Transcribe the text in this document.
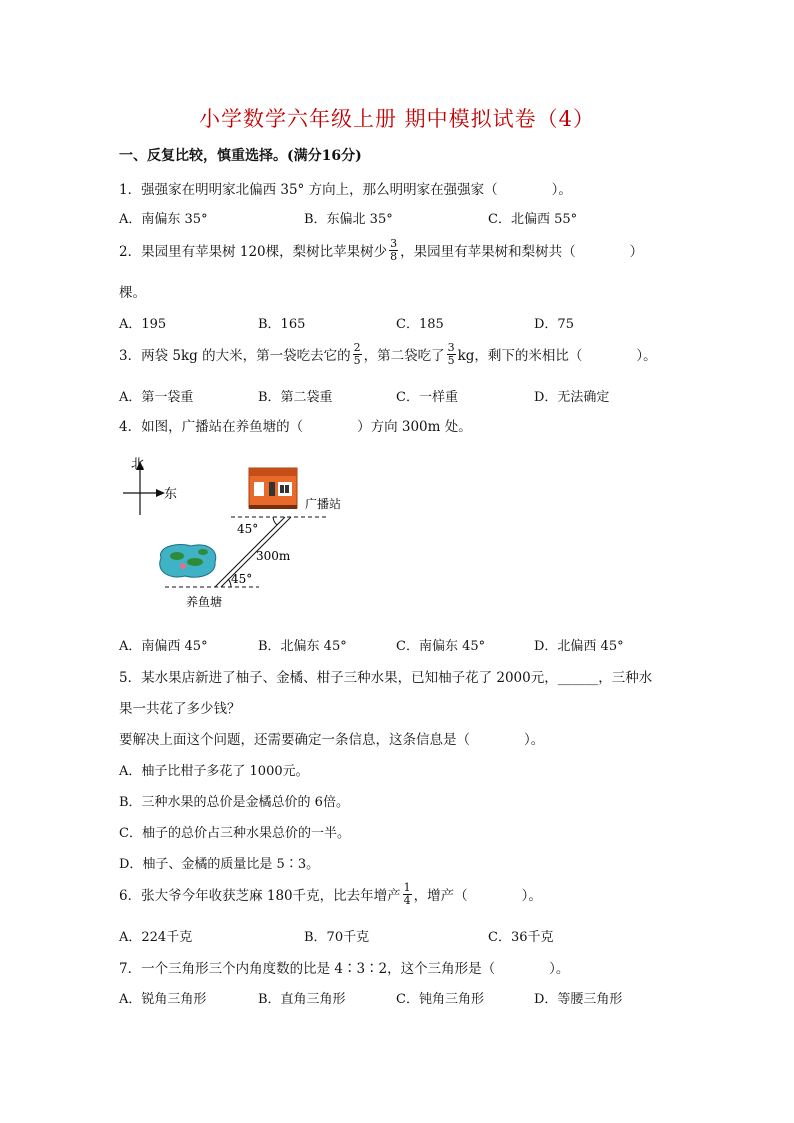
小学数学六年级上册 期中模拟试卷（4）
一、反复比较，慎重选择。(满分16分)
1．强强家在明明家北偏西 35° 方向上，那么明明家在强强家（　　　　）。
A．南偏东 35°	B．东偏北 35°	C．北偏西 55°
2．果园里有苹果树 120棵，梨树比苹果树少 $\frac{3}{8}$ ，果园里有苹果树和梨树共（　　　　）
棵。
A．195	B．165	C．185	D．75
3．两袋 5kg 的大米，第一袋吃去它的 $\frac{2}{5}$ ，第二袋吃了 $\frac{3}{5}$ kg，剩下的米相比（　　　　）。
A．第一袋重	B．第二袋重	C．一样重	D．无法确定
4．如图，广播站在养鱼塘的（　　　　）方向 300m 处。
北
东
广播站
45°
45°
300m
养鱼塘
A．南偏西 45°	B．北偏东 45°	C．南偏东 45°	D．北偏西 45°
5．某水果店新进了柚子、金橘、柑子三种水果，已知柚子花了 2000元，______，三种水
果一共花了多少钱？
要解决上面这个问题，还需要确定一条信息，这条信息是（　　　　）。
A．柚子比柑子多花了 1000元。
B．三种水果的总价是金橘总价的 6倍。
C．柚子的总价占三种水果总价的一半。
D．柚子、金橘的质量比是 5∶3。
6．张大爷今年收获芝麻 180千克，比去年增产 $\frac{1}{4}$ ，增产（　　　　）。
A．224千克	B．70千克	C．36千克
7．一个三角形三个内角度数的比是 4∶3∶2，这个三角形是（　　　　）。
A．锐角三角形	B．直角三角形	C．钝角三角形	D．等腰三角形
